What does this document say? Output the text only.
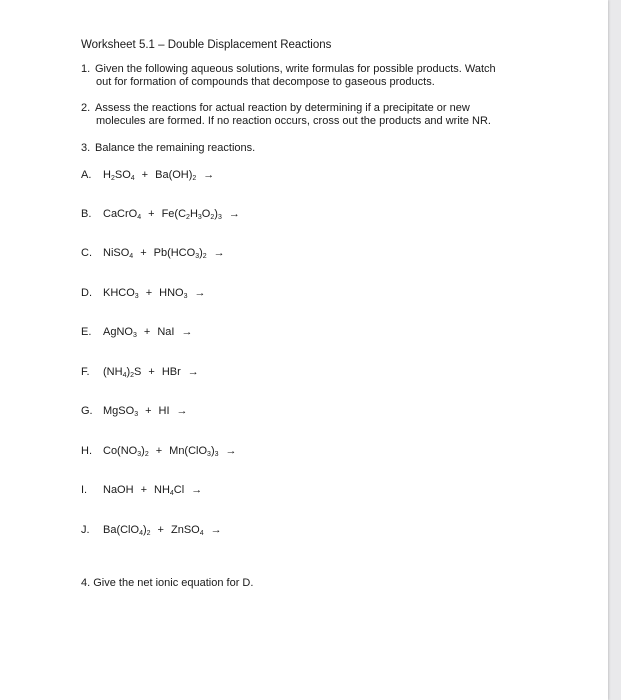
Worksheet 5.1 – Double Displacement Reactions
1. Given the following aqueous solutions, write formulas for possible products. Watch
out for formation of compounds that decompose to gaseous products.
2. Assess the reactions for actual reaction by determining if a precipitate or new
molecules are formed. If no reaction occurs, cross out the products and write NR.
3. Balance the remaining reactions.
A. $H_2SO_4 + Ba(OH)_2$ →
B. CaCrO$_4$ + $Fe(C_2H_3O_2)_3$ →
C. NiSO$_4$ + $Pb(HCO_3)_2$ →
D. $KHCO_3 + HNO_3$ →
E. AgNO$_3$ + NaI →
F. $(NH_4)_2S$ + HBr →
G. MgSO$_3$ + HI →
H. $Co(NO_3)_2 + Mn(ClO_3)_3$ →
I. NaOH + $NH_4Cl$ →
J. $Ba(ClO_4)_2$ + ZnSO$_4$ →
4. Give the net ionic equation for D.
